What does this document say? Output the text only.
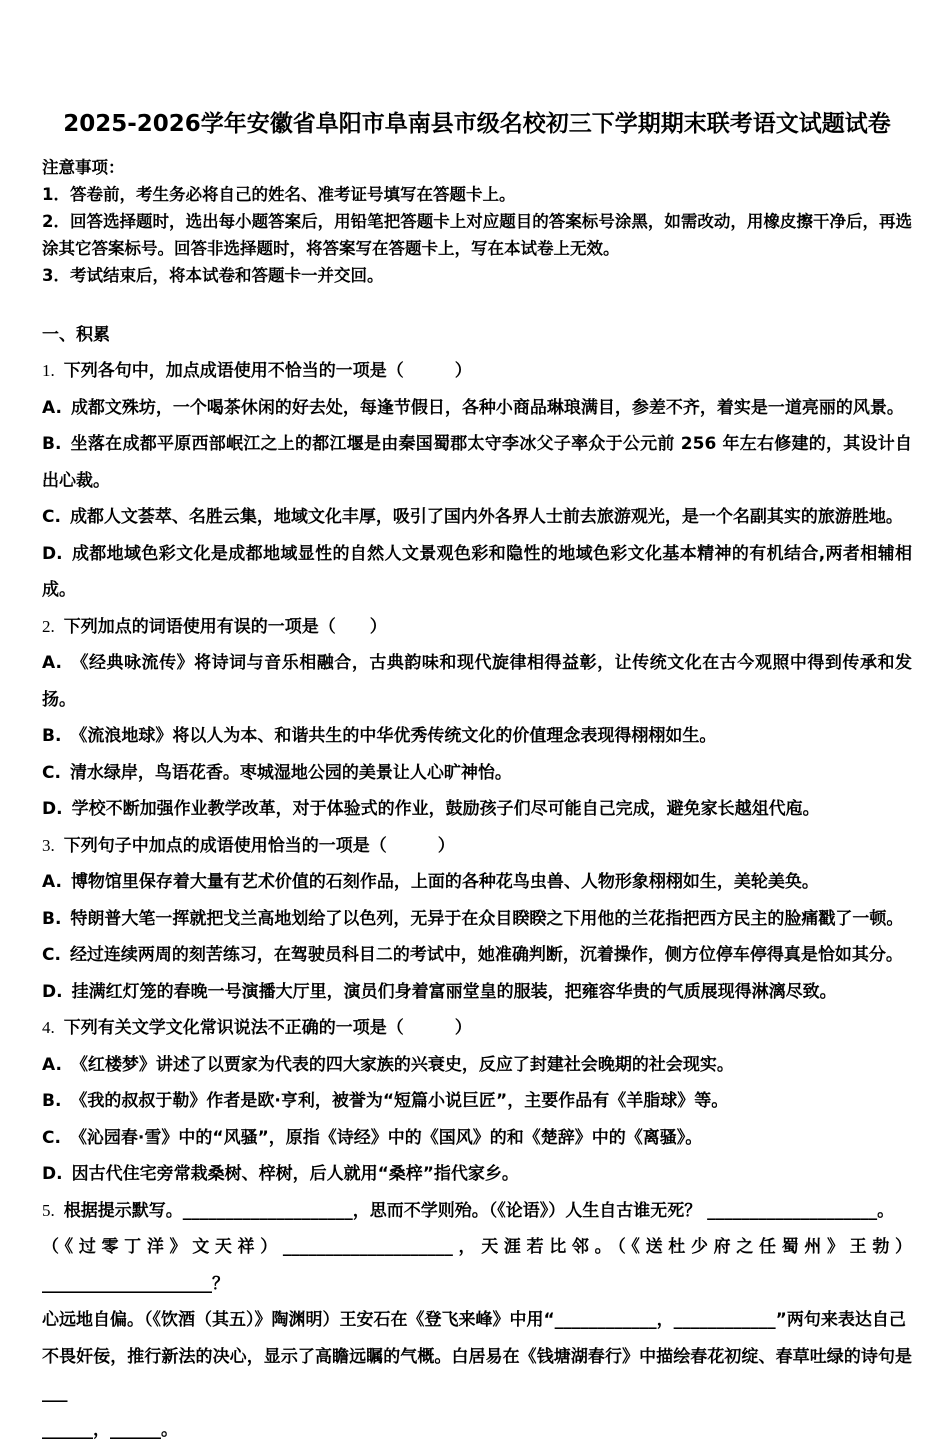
2025-2026学年安徽省阜阳市阜南县市级名校初三下学期期末联考语文试题试卷

注意事项：

1．答卷前，考生务必将自己的姓名、准考证号填写在答题卡上。

2．回答选择题时，选出每小题答案后，用铅笔把答题卡上对应题目的答案标号涂黑，如需改动，用橡皮擦干净后，再选涂其它答案标号。回答非选择题时，将答案写在答题卡上，写在本试卷上无效。

3．考试结束后，将本试卷和答题卡一并交回。

一、积累

1. 下列各句中，加点成语使用不恰当的一项是（　　　）

A. 成都文殊坊，一个喝茶休闲的好去处，每逢节假日，各种小商品琳琅满目，参差不齐，着实是一道亮丽的风景。

B. 坐落在成都平原西部岷江之上的都江堰是由秦国蜀郡太守李冰父子率众于公元前 256 年左右修建的，其设计自出心裁。

C. 成都人文荟萃、名胜云集，地域文化丰厚，吸引了国内外各界人士前去旅游观光，是一个名副其实的旅游胜地。

D. 成都地域色彩文化是成都地域显性的自然人文景观色彩和隐性的地域色彩文化基本精神的有机结合,两者相辅相成。

2. 下列加点的词语使用有误的一项是（　　）

A. 《经典咏流传》将诗词与音乐相融合，古典韵味和现代旋律相得益彰，让传统文化在古今观照中得到传承和发扬。

B. 《流浪地球》将以人为本、和谐共生的中华优秀传统文化的价值理念表现得栩栩如生。

C. 清水绿岸，鸟语花香。枣城湿地公园的美景让人心旷神怡。

D. 学校不断加强作业教学改革，对于体验式的作业，鼓励孩子们尽可能自己完成，避免家长越俎代庖。

3. 下列句子中加点的成语使用恰当的一项是（　　　）

A. 博物馆里保存着大量有艺术价值的石刻作品，上面的各种花鸟虫兽、人物形象栩栩如生，美轮美奂。

B. 特朗普大笔一挥就把戈兰高地划给了以色列，无异于在众目睽睽之下用他的兰花指把西方民主的脸痛戳了一顿。

C. 经过连续两周的刻苦练习，在驾驶员科目二的考试中，她准确判断，沉着操作，侧方位停车停得真是恰如其分。

D. 挂满红灯笼的春晚一号演播大厅里，演员们身着富丽堂皇的服装，把雍容华贵的气质展现得淋漓尽致。

4. 下列有关文学文化常识说法不正确的一项是（　　　）

A. 《红楼梦》讲述了以贾家为代表的四大家族的兴衰史，反应了封建社会晚期的社会现实。

B. 《我的叔叔于勒》作者是欧·亨利，被誉为“短篇小说巨匠”，主要作品有《羊脂球》等。

C. 《沁园春·雪》中的“风骚”，原指《诗经》中的《国风》的和《楚辞》中的《离骚》。

D. 因古代住宅旁常栽桑树、梓树，后人就用“桑梓”指代家乡。

5. 根据提示默写。____________________，思而不学则殆。（《论语》）人生自古谁无死？ ____________________。

（《过零丁洋》文天祥）____________________，天涯若比邻。（《送杜少府之任蜀州》王勃）____________________？

心远地自偏。（《饮酒（其五）》陶渊明）王安石在《登飞来峰》中用“____________，____________”两句来表达自己

不畏奸佞，推行新法的决心，显示了高瞻远瞩的气概。白居易在《钱塘湖春行》中描绘春花初绽、春草吐绿的诗句是___

______，______。
